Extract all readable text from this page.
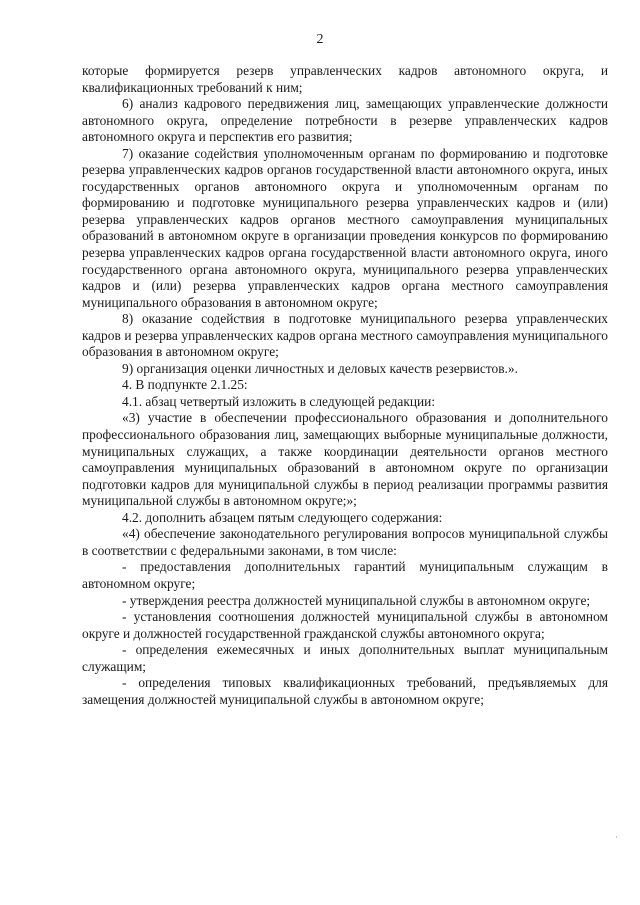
2

которые формируется резерв управленческих кадров автономного округа, и квалификационных требований к ним;

6) анализ кадрового передвижения лиц, замещающих управленческие должности автономного округа, определение потребности в резерве управленческих кадров автономного округа и перспектив его развития;

7) оказание содействия уполномоченным органам по формированию и подготовке резерва управленческих кадров органов государственной власти автономного округа, иных государственных органов автономного округа и уполномоченным органам по формированию и подготовке муниципального резерва управленческих кадров и (или) резерва управленческих кадров органов местного самоуправления муниципальных образований в автономном округе в организации проведения конкурсов по формированию резерва управленческих кадров органа государственной власти автономного округа, иного государственного органа автономного округа, муниципального резерва управленческих кадров и (или) резерва управленческих кадров органа местного самоуправления муниципального образования в автономном округе;

8) оказание содействия в подготовке муниципального резерва управленческих кадров и резерва управленческих кадров органа местного самоуправления муниципального образования в автономном округе;

9) организация оценки личностных и деловых качеств резервистов.».

4. В подпункте 2.1.25:

4.1. абзац четвертый изложить в следующей редакции:

«3) участие в обеспечении профессионального образования и дополнительного профессионального образования лиц, замещающих выборные муниципальные должности, муниципальных служащих, а также координации деятельности органов местного самоуправления муниципальных образований в автономном округе по организации подготовки кадров для муниципальной службы в период реализации программы развития муниципальной службы в автономном округе;»;

4.2. дополнить абзацем пятым следующего содержания:

«4) обеспечение законодательного регулирования вопросов муниципальной службы в соответствии с федеральными законами, в том числе:

- предоставления дополнительных гарантий муниципальным служащим в автономном округе;

- утверждения реестра должностей муниципальной службы в автономном округе;

- установления соотношения должностей муниципальной службы в автономном округе и должностей государственной гражданской службы автономного округа;

- определения ежемесячных и иных дополнительных выплат муниципальным служащим;

- определения типовых квалификационных требований, предъявляемых для замещения должностей муниципальной службы в автономном округе;

·
